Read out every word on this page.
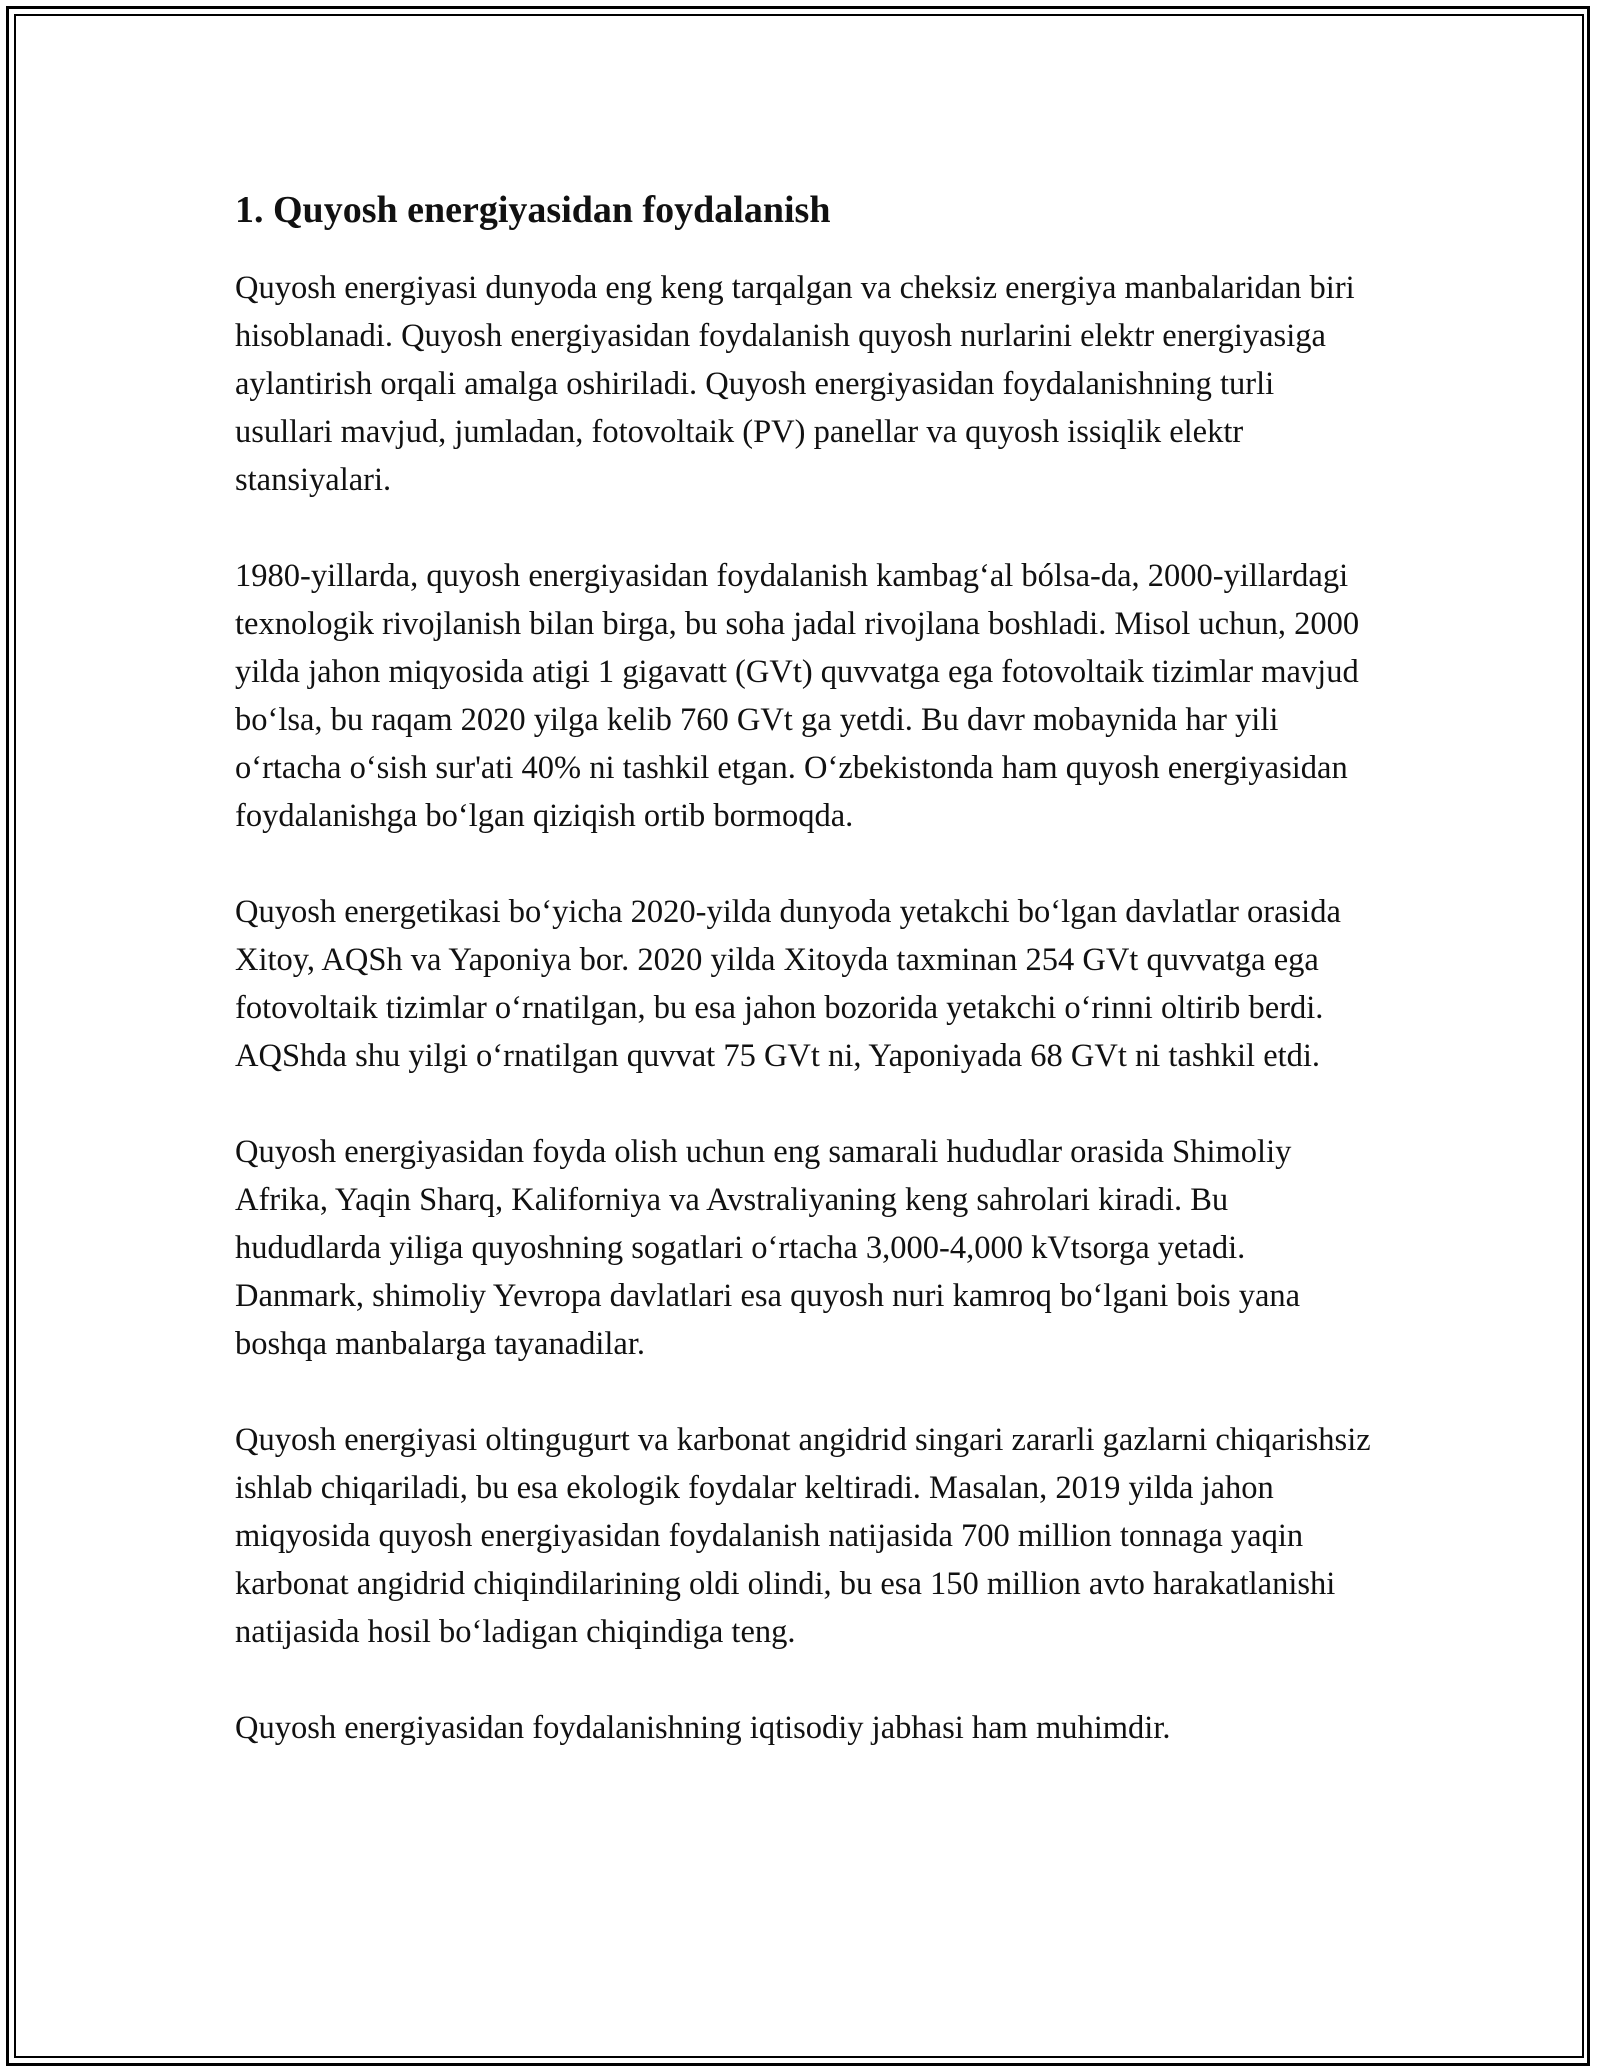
1. Quyosh energiyasidan foydalanish

Quyosh energiyasi dunyoda eng keng tarqalgan va cheksiz energiya manbalaridan biri hisoblanadi. Quyosh energiyasidan foydalanish quyosh nurlarini elektr energiyasiga aylantirish orqali amalga oshiriladi. Quyosh energiyasidan foydalanishning turli usullari mavjud, jumladan, fotovoltaik (PV) panellar va quyosh issiqlik elektr stansiyalari.

1980-yillarda, quyosh energiyasidan foydalanish kambag‘al bólsa-da, 2000-yillardagi texnologik rivojlanish bilan birga, bu soha jadal rivojlana boshladi. Misol uchun, 2000 yilda jahon miqyosida atigi 1 gigavatt (GVt) quvvatga ega fotovoltaik tizimlar mavjud bo‘lsa, bu raqam 2020 yilga kelib 760 GVt ga yetdi. Bu davr mobaynida har yili o‘rtacha o‘sish sur'ati 40% ni tashkil etgan. O‘zbekistonda ham quyosh energiyasidan foydalanishga bo‘lgan qiziqish ortib bormoqda.

Quyosh energetikasi bo‘yicha 2020-yilda dunyoda yetakchi bo‘lgan davlatlar orasida Xitoy, AQSh va Yaponiya bor. 2020 yilda Xitoyda taxminan 254 GVt quvvatga ega fotovoltaik tizimlar o‘rnatilgan, bu esa jahon bozorida yetakchi o‘rinni oltirib berdi. AQShda shu yilgi o‘rnatilgan quvvat 75 GVt ni, Yaponiyada 68 GVt ni tashkil etdi.

Quyosh energiyasidan foyda olish uchun eng samarali hududlar orasida Shimoliy Afrika, Yaqin Sharq, Kaliforniya va Avstraliyaning keng sahrolari kiradi. Bu hududlarda yiliga quyoshning sogatlari o‘rtacha 3,000-4,000 kVtsorga yetadi. Danmark, shimoliy Yevropa davlatlari esa quyosh nuri kamroq bo‘lgani bois yana boshqa manbalarga tayanadilar.

Quyosh energiyasi oltingugurt va karbonat angidrid singari zararli gazlarni chiqarishsiz ishlab chiqariladi, bu esa ekologik foydalar keltiradi. Masalan, 2019 yilda jahon miqyosida quyosh energiyasidan foydalanish natijasida 700 million tonnaga yaqin karbonat angidrid chiqindilarining oldi olindi, bu esa 150 million avto harakatlanishi natijasida hosil bo‘ladigan chiqindiga teng.

Quyosh energiyasidan foydalanishning iqtisodiy jabhasi ham muhimdir.
